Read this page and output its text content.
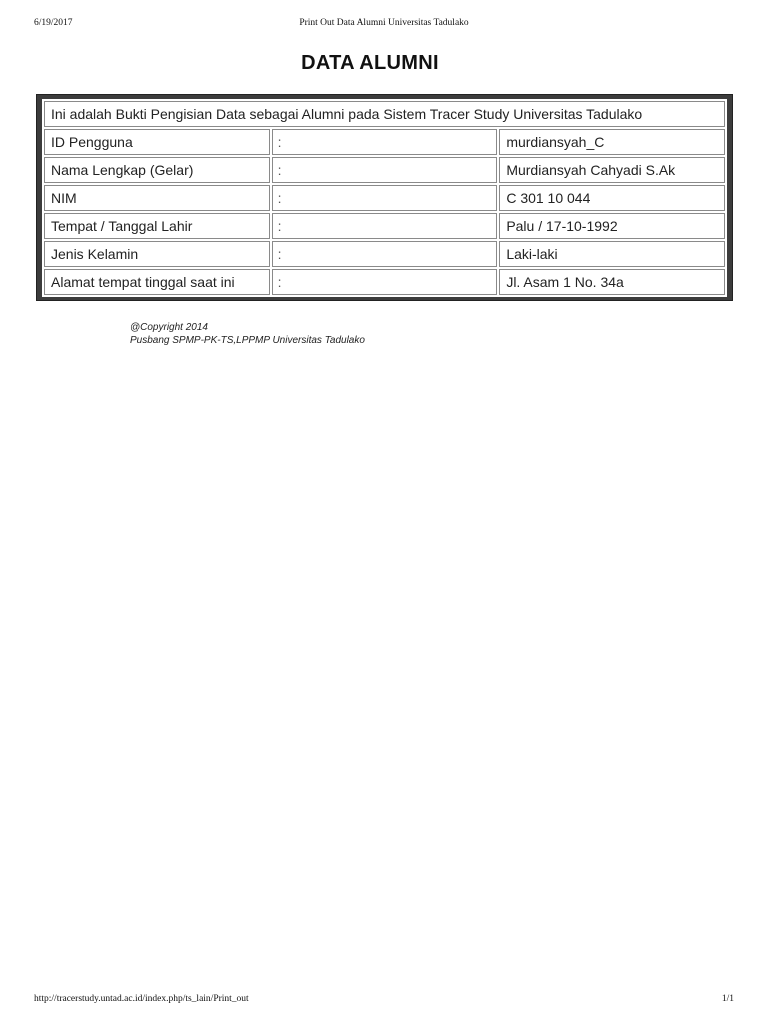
6/19/2017	Print Out Data Alumni Universitas Tadulako
DATA ALUMNI
Ini adalah Bukti Pengisian Data sebagai Alumni pada Sistem Tracer Study Universitas Tadulako		
ID Pengguna	:	murdiansyah_C
Nama Lengkap (Gelar)	:	Murdiansyah Cahyadi S.Ak
NIM	:	C 301 10 044
Tempat / Tanggal Lahir	:	Palu / 17-10-1992
Jenis Kelamin	:	Laki-laki
Alamat tempat tinggal saat ini	:	Jl. Asam 1 No. 34a
@Copyright 2014
Pusbang SPMP-PK-TS,LPPMP Universitas Tadulako
http://tracerstudy.untad.ac.id/index.php/ts_lain/Print_out	1/1
